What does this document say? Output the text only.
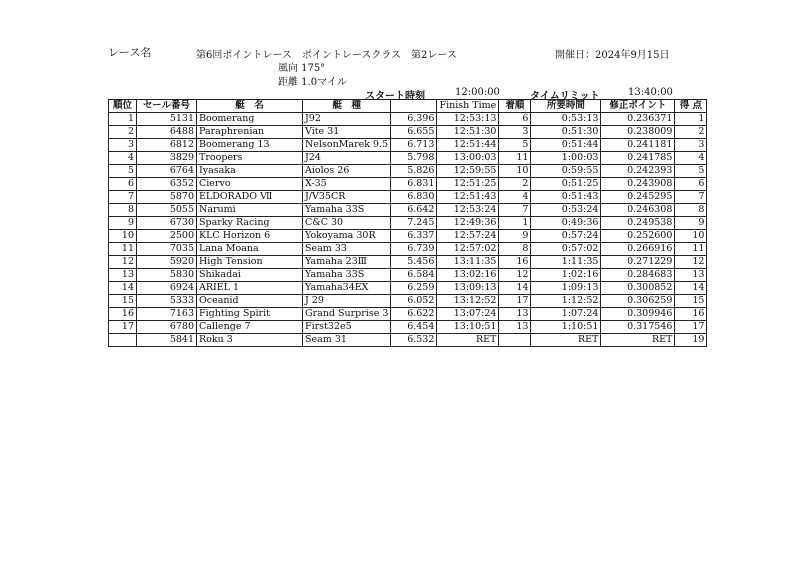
レース名	第6回ポイントレース　ポイントレースクラス　第2レース	開催日：2024年9月15日
風向 175°
距離 1.0マイル
スタート時刻	12:00:00	タイムリミット	13:40:00
順位	セール番号	艇　名	艇　種		Finish Time	着順	所要時間	修正ポイント	得 点
1	5131	Boomerang	J92	6.396	12:53:13	6	0:53:13	0.236371	1
2	6488	Paraphrenian	Vite 31	6.655	12:51:30	3	0:51:30	0.238009	2
3	6812	Boomerang 13	NelsonMarek 9.5	6.713	12:51:44	5	0:51:44	0.241181	3
4	3829	Troopers	J24	5.798	13:00:03	11	1:00:03	0.241785	4
5	6764	Iyasaka	Aiolos 26	5.826	12:59:55	10	0:59:55	0.242393	5
6	6352	Ciervo	X-35	6.831	12:51:25	2	0:51:25	0.243908	6
7	5870	ELDORADO Ⅶ	J/V35CR	6.830	12:51:43	4	0:51:43	0.245295	7
8	5055	Narumi	Yamaha 33S	6.642	12:53:24	7	0:53:24	0.246308	8
9	6730	Sparky Racing	C&C 30	7.245	12:49:36	1	0:49:36	0.249538	9
10	2500	KLC Horizon 6	Yokoyama 30R	6.337	12:57:24	9	0:57:24	0.252600	10
11	7035	Lana Moana	Seam 33	6.739	12:57:02	8	0:57:02	0.266916	11
12	5920	High Tension	Yamaha 23Ⅲ	5.456	13:11:35	16	1:11:35	0.271229	12
13	5830	Shikadai	Yamaha 33S	6.584	13:02:16	12	1:02:16	0.284683	13
14	6924	ARIEL 1	Yamaha34EX	6.259	13:09:13	14	1:09:13	0.300852	14
15	5333	Oceanid	J 29	6.052	13:12:52	17	1:12:52	0.306259	15
16	7163	Fighting Spirit	Grand Surprise 3	6.622	13:07:24	13	1:07:24	0.309946	16
17	6780	Callenge 7	First32e5	6.454	13:10:51	13	1:10:51	0.317546	17
	5841	Roku 3	Seam 31	6.532	RET		RET	RET	19
